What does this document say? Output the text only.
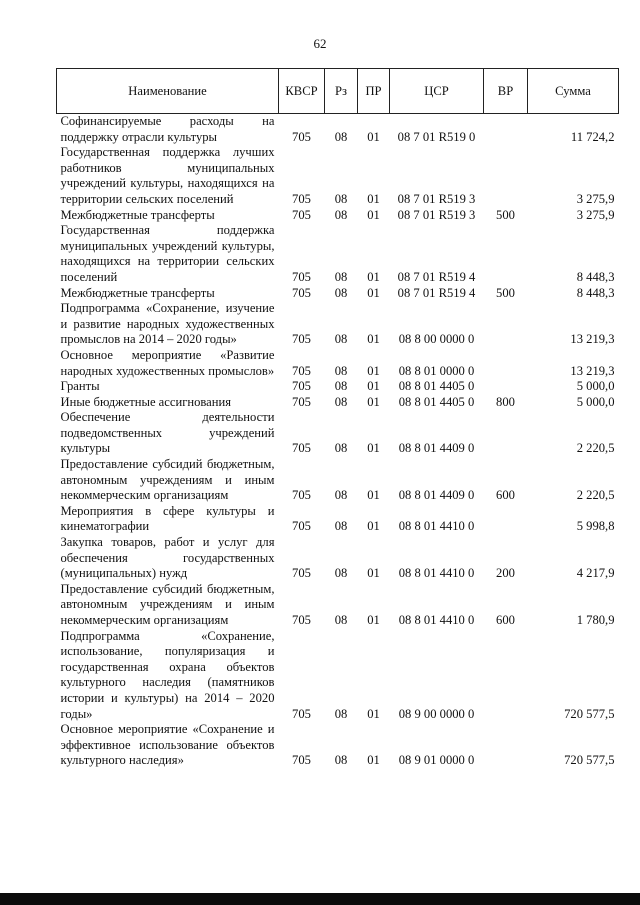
62
Наименование	КВСР	Рз	ПР	ЦСР	ВР	Сумма
Софинансируемые расходы на поддержку отрасли культуры	705	08	01	08 7 01 R519 0		11 724,2
Государственная поддержка лучших работников муниципальных учреждений культуры, находящихся на территории сельских поселений	705	08	01	08 7 01 R519 3		3 275,9
Межбюджетные трансферты	705	08	01	08 7 01 R519 3	500	3 275,9
Государственная поддержка муниципальных учреждений культуры, находящихся на территории сельских поселений	705	08	01	08 7 01 R519 4		8 448,3
Межбюджетные трансферты	705	08	01	08 7 01 R519 4	500	8 448,3
Подпрограмма «Сохранение, изучение и развитие народных художественных промыслов на 2014 – 2020 годы»	705	08	01	08 8 00 0000 0		13 219,3
Основное мероприятие «Развитие народных художественных промыслов»	705	08	01	08 8 01 0000 0		13 219,3
Гранты	705	08	01	08 8 01 4405 0		5 000,0
Иные бюджетные ассигнования	705	08	01	08 8 01 4405 0	800	5 000,0
Обеспечение деятельности подведомственных учреждений культуры	705	08	01	08 8 01 4409 0		2 220,5
Предоставление субсидий бюджетным, автономным учреждениям и иным некоммерческим организациям	705	08	01	08 8 01 4409 0	600	2 220,5
Мероприятия в сфере культуры и кинематографии	705	08	01	08 8 01 4410 0		5 998,8
Закупка товаров, работ и услуг для обеспечения государственных (муниципальных) нужд	705	08	01	08 8 01 4410 0	200	4 217,9
Предоставление субсидий бюджетным, автономным учреждениям и иным некоммерческим организациям	705	08	01	08 8 01 4410 0	600	1 780,9
Подпрограмма «Сохранение, использование, популяризация и государственная охрана объектов культурного наследия (памятников истории и культуры) на 2014 – 2020 годы»	705	08	01	08 9 00 0000 0		720 577,5
Основное мероприятие «Сохранение и эффективное использование объектов культурного наследия»	705	08	01	08 9 01 0000 0		720 577,5
